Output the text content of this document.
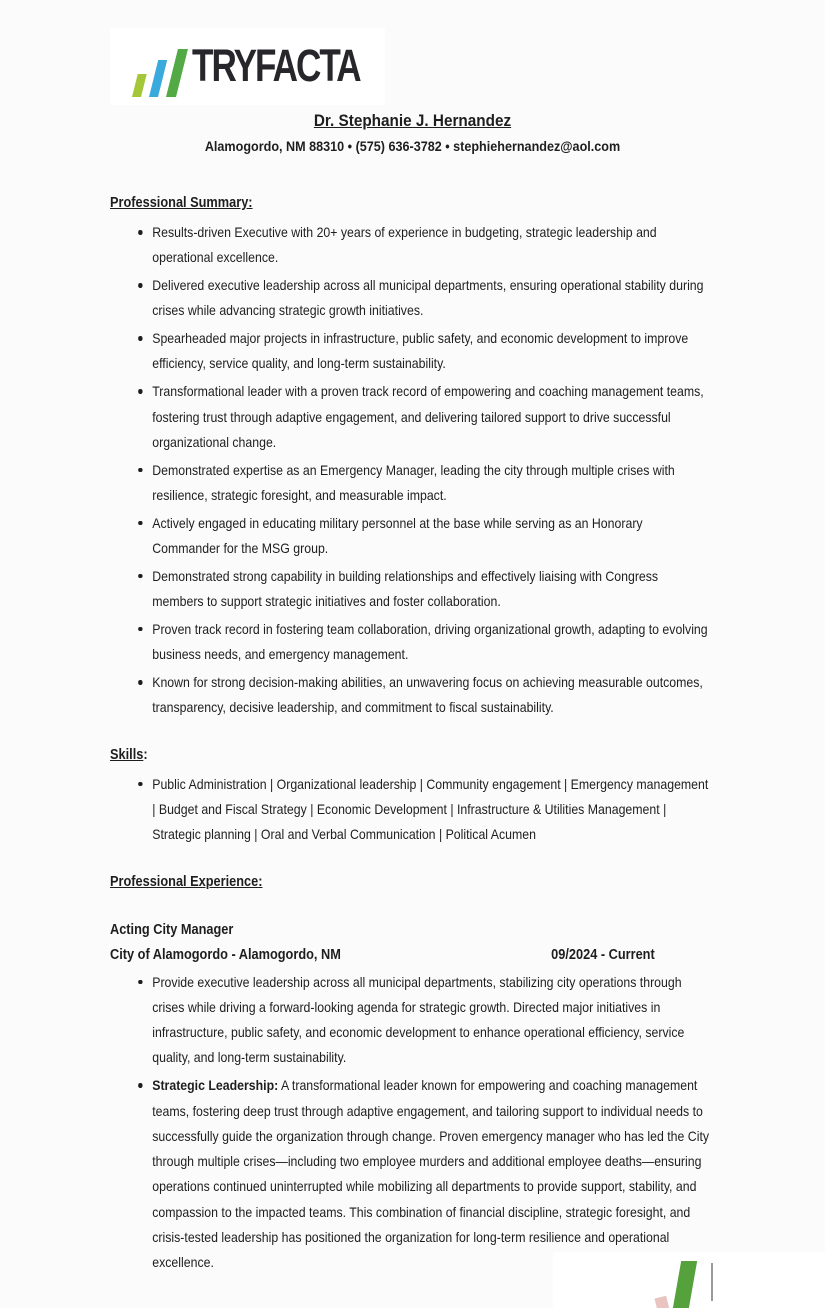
TRYFACTA
Dr. Stephanie J. Hernandez
Alamogordo, NM 88310 • (575) 636-3782 • stephiehernandez@aol.com
Professional Summary:
Results-driven Executive with 20+ years of experience in budgeting, strategic leadership and operational excellence.
Delivered executive leadership across all municipal departments, ensuring operational stability during crises while advancing strategic growth initiatives.
Spearheaded major projects in infrastructure, public safety, and economic development to improve efficiency, service quality, and long-term sustainability.
Transformational leader with a proven track record of empowering and coaching management teams, fostering trust through adaptive engagement, and delivering tailored support to drive successful organizational change.
Demonstrated expertise as an Emergency Manager, leading the city through multiple crises with resilience, strategic foresight, and measurable impact.
Actively engaged in educating military personnel at the base while serving as an Honorary Commander for the MSG group.
Demonstrated strong capability in building relationships and effectively liaising with Congress members to support strategic initiatives and foster collaboration.
Proven track record in fostering team collaboration, driving organizational growth, adapting to evolving business needs, and emergency management.
Known for strong decision-making abilities, an unwavering focus on achieving measurable outcomes, transparency, decisive leadership, and commitment to fiscal sustainability.
Skills:
Public Administration | Organizational leadership | Community engagement | Emergency management | Budget and Fiscal Strategy | Economic Development | Infrastructure & Utilities Management | Strategic planning | Oral and Verbal Communication | Political Acumen
Professional Experience:
Acting City Manager
City of Alamogordo - Alamogordo, NM	09/2024 - Current
Provide executive leadership across all municipal departments, stabilizing city operations through crises while driving a forward-looking agenda for strategic growth. Directed major initiatives in infrastructure, public safety, and economic development to enhance operational efficiency, service quality, and long-term sustainability.
Strategic Leadership: A transformational leader known for empowering and coaching management teams, fostering deep trust through adaptive engagement, and tailoring support to individual needs to successfully guide the organization through change. Proven emergency manager who has led the City through multiple crises—including two employee murders and additional employee deaths—ensuring operations continued uninterrupted while mobilizing all departments to provide support, stability, and compassion to the impacted teams. This combination of financial discipline, strategic foresight, and crisis-tested leadership has positioned the organization for long-term resilience and operational excellence.
